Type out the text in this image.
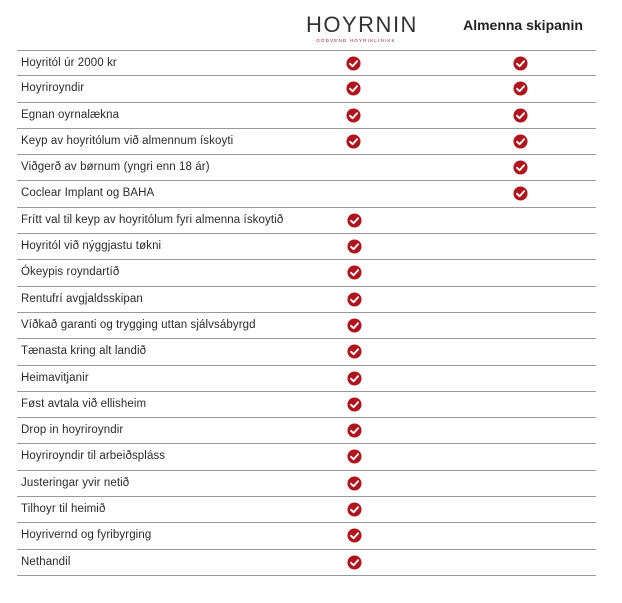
HOYRNIN
GÓÐVEND HOYRIKLINIKK
Almenna skipanin
Hoyritól úr 2000 kr
Hoyriroyndir
Egnan oyrnalækna
Keyp av hoyritólum við almennum ískoyti
Viðgerð av børnum (yngri enn 18 ár)
Coclear Implant og BAHA
Frítt val til keyp av hoyritólum fyri almenna ískoytið
Hoyritól við nýggjastu tøkni
Ókeypis royndartíð
Rentufrí avgjaldsskipan
Víðkað garanti og trygging uttan sjálvsábyrgd
Tænasta kring alt landið
Heimavitjanir
Føst avtala við ellisheim
Drop in hoyriroyndir
Hoyriroyndir til arbeiðspláss
Justeringar yvir netið
Tilhoyr til heimið
Hoyrivernd og fyribyrging
Nethandil
